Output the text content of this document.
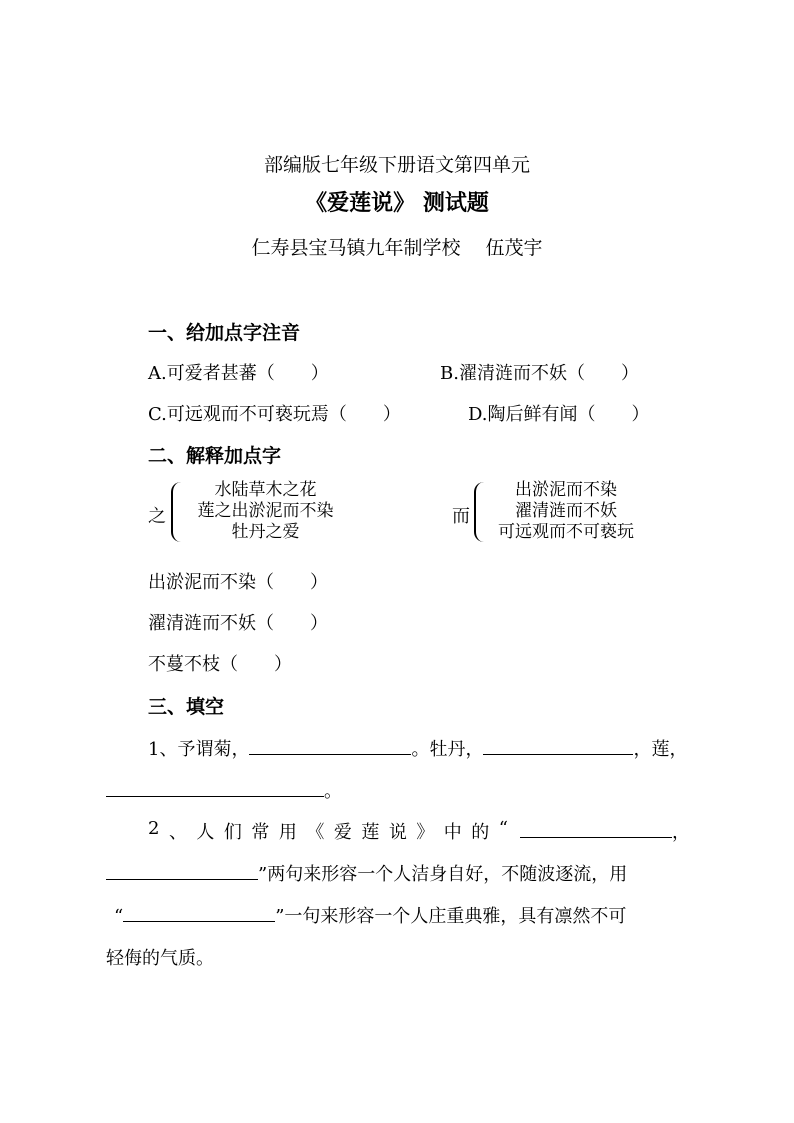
部编版七年级下册语文第四单元
《爱莲说》 测试题
仁寿县宝马镇九年制学校　 伍茂宇
一、给加点字注音
A.可爱者甚蕃（　　）	B.濯清涟而不妖（　　）
C.可远观而不可亵玩焉（　　）	D.陶后鲜有闻（　　）
二、解释加点字
之
水陆草木之花
莲之出淤泥而不染
牡丹之爱
而
出淤泥而不染
濯清涟而不妖
可远观而不可亵玩
出淤泥而不染（　　）
濯清涟而不妖（　　）
不蔓不枝（　　）
三、填空
1、予谓菊，	。牡丹，	，莲，
。
2 、 人 们 常 用 《 爱 莲 说 》 中 的 “	，
”两句来形容一个人洁身自好，不随波逐流，用
“	”一句来形容一个人庄重典雅，具有凛然不可
轻侮的气质。
